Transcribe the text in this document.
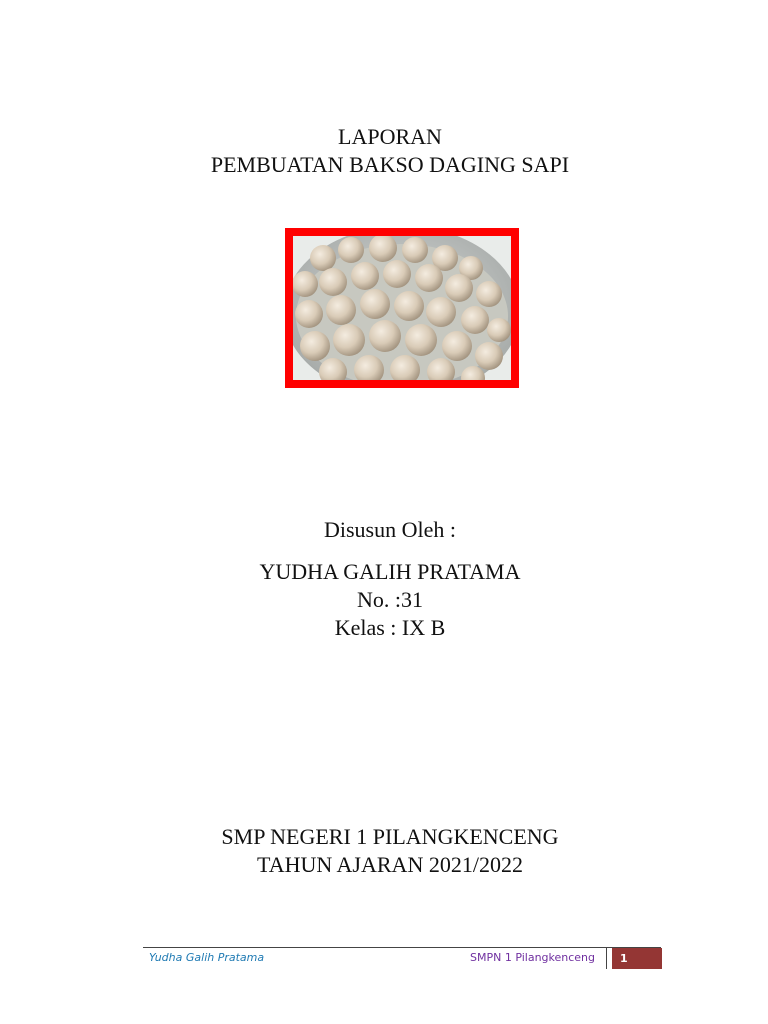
LAPORAN
PEMBUATAN BAKSO DAGING SAPI
Disusun Oleh :
YUDHA GALIH PRATAMA
No. :31
Kelas : IX B
SMP NEGERI 1 PILANGKENCENG
TAHUN AJARAN 2021/2022
Yudha Galih Pratama	SMPN 1 Pilangkenceng	1
